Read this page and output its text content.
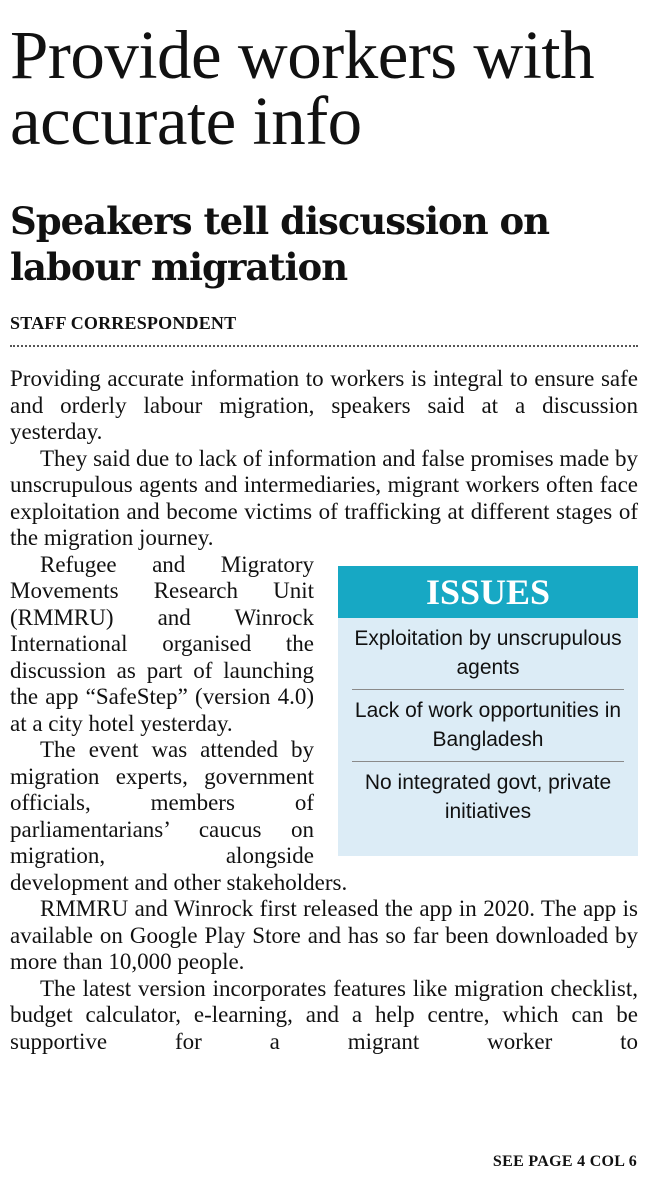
Provide workers with accurate info
Speakers tell discussion on labour migration
STAFF CORRESPONDENT

Providing accurate information to workers is integral to ensure safe and orderly labour migration, speakers said at a discussion yesterday.

They said due to lack of information and false promises made by unscrupulous agents and intermediaries, migrant workers often face exploitation and become victims of trafficking at different stages of the migration journey.

ISSUES
Exploitation by unscrupulous agents
Lack of work opportunities in Bangladesh
No integrated govt, private initiatives

Refugee and Migratory Movements Research Unit (RMMRU) and Winrock International organised the discussion as part of launching the app “SafeStep” (version 4.0) at a city hotel yesterday.

The event was attended by migration experts, government officials, members of parliamentarians’ caucus on migration, alongside development and other stakeholders.

RMMRU and Winrock first released the app in 2020. The app is available on Google Play Store and has so far been downloaded by more than 10,000 people.

The latest version incorporates features like migration checklist, budget calculator, e-learning, and a help centre, which can be supportive for a migrant worker to

SEE PAGE 4 COL 6
